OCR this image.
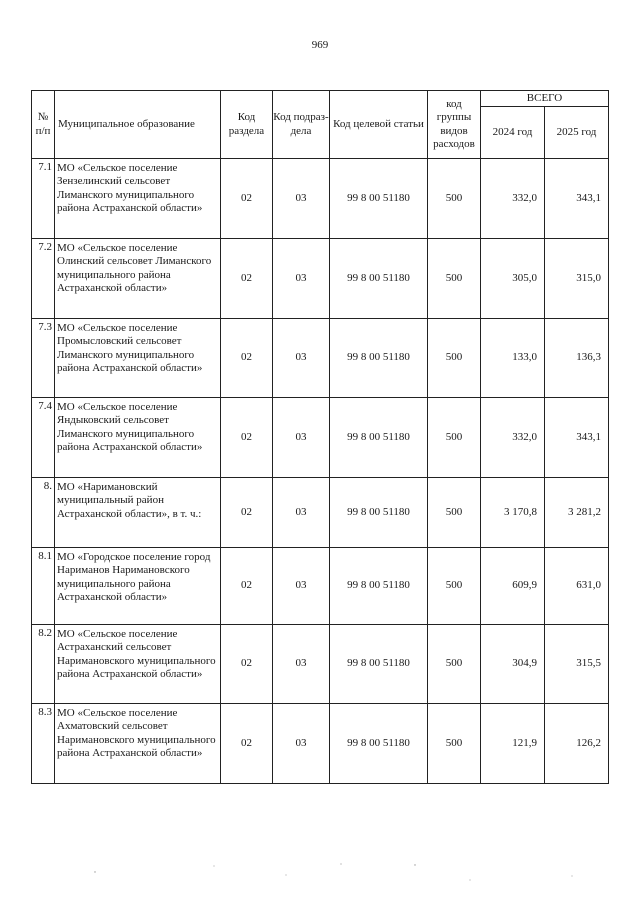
969
№ п/п	Муниципальное образование	Код раздела	Код подраз-дела	Код целевой статьи	код группы видов расходов	ВСЕГО	
						2024 год	2025 год
7.1	МО «Сельское поселение Зензелинский сельсовет Лиманского муниципального района Астраханской области»	02	03	99 8 00 51180	500	332,0	343,1
7.2	МО «Сельское поселение Олинский сельсовет Лиманского муниципального района Астраханской области»	02	03	99 8 00 51180	500	305,0	315,0
7.3	МО «Сельское поселение Промысловский сельсовет Лиманского муниципального района Астраханской области»	02	03	99 8 00 51180	500	133,0	136,3
7.4	МО «Сельское поселение Яндыковский сельсовет Лиманского муниципального района Астраханской области»	02	03	99 8 00 51180	500	332,0	343,1
8.	МО «Наримановский муниципальный район Астраханской области», в т. ч.:	02	03	99 8 00 51180	500	3 170,8	3 281,2
8.1	МО «Городское поселение город Нариманов Наримановского муниципального района Астраханской области»	02	03	99 8 00 51180	500	609,9	631,0
8.2	МО «Сельское поселение Астраханский сельсовет Наримановского муниципального района Астраханской области»	02	03	99 8 00 51180	500	304,9	315,5
8.3	МО «Сельское поселение Ахматовский сельсовет Наримановского муниципального района Астраханской области»	02	03	99 8 00 51180	500	121,9	126,2
